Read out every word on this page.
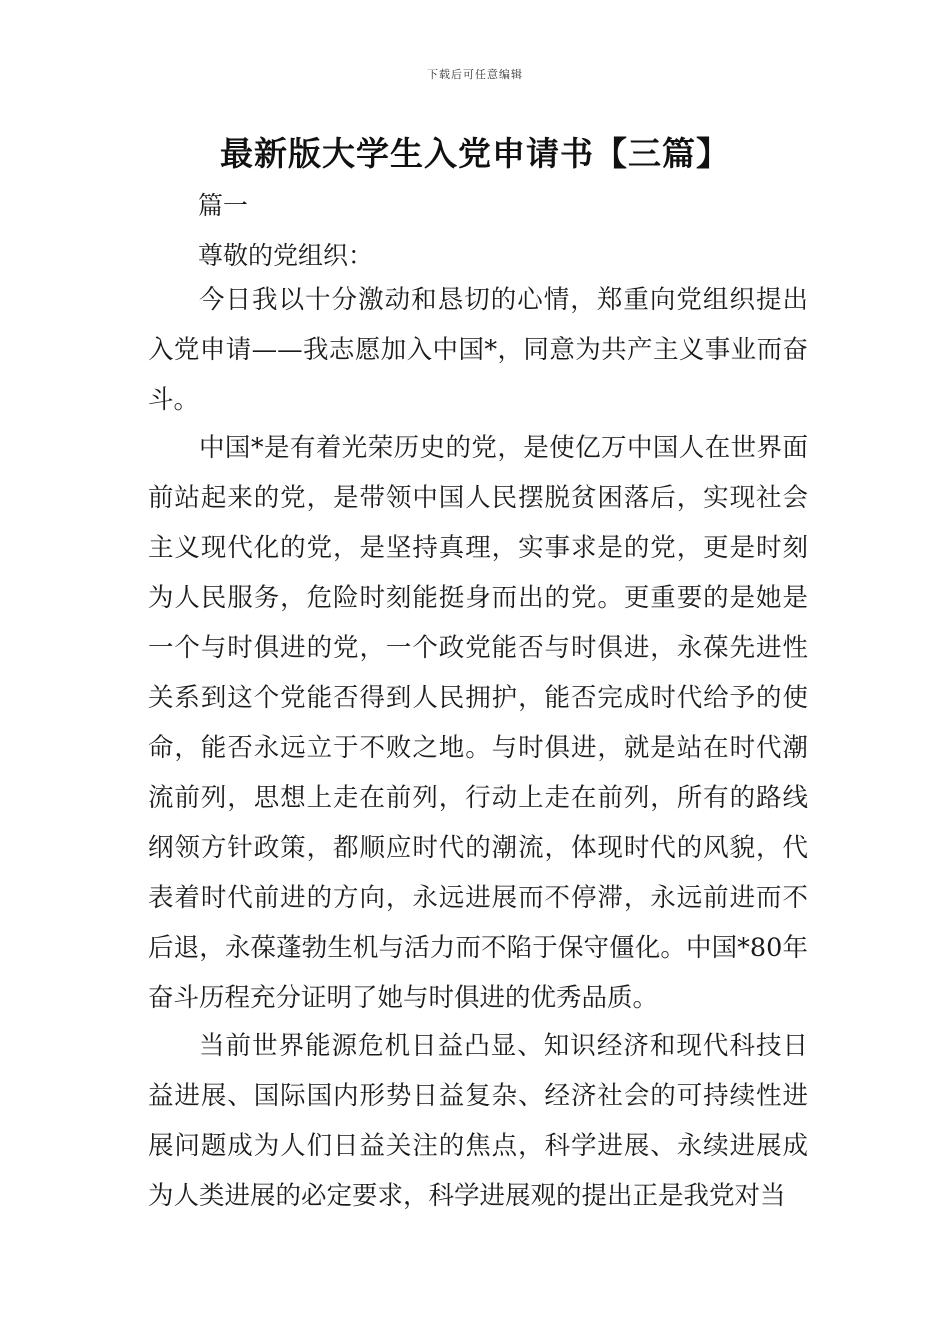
下载后可任意编辑
最新版大学生入党申请书【三篇】
篇一
尊敬的党组织：

今日我以十分激动和恳切的心情，郑重向党组织提出入党申请——我志愿加入中国*，同意为共产主义事业而奋斗。

中国*是有着光荣历史的党，是使亿万中国人在世界面前站起来的党，是带领中国人民摆脱贫困落后，实现社会主义现代化的党，是坚持真理，实事求是的党，更是时刻为人民服务，危险时刻能挺身而出的党。更重要的是她是一个与时俱进的党，一个政党能否与时俱进，永葆先进性关系到这个党能否得到人民拥护，能否完成时代给予的使命，能否永远立于不败之地。与时俱进，就是站在时代潮流前列，思想上走在前列，行动上走在前列，所有的路线纲领方针政策，都顺应时代的潮流，体现时代的风貌，代表着时代前进的方向，永远进展而不停滞，永远前进而不后退，永葆蓬勃生机与活力而不陷于保守僵化。中国*80年奋斗历程充分证明了她与时俱进的优秀品质。

当前世界能源危机日益凸显、知识经济和现代科技日益进展、国际国内形势日益复杂、经济社会的可持续性进展问题成为人们日益关注的焦点，科学进展、永续进展成为人类进展的必定要求，科学进展观的提出正是我党对当
